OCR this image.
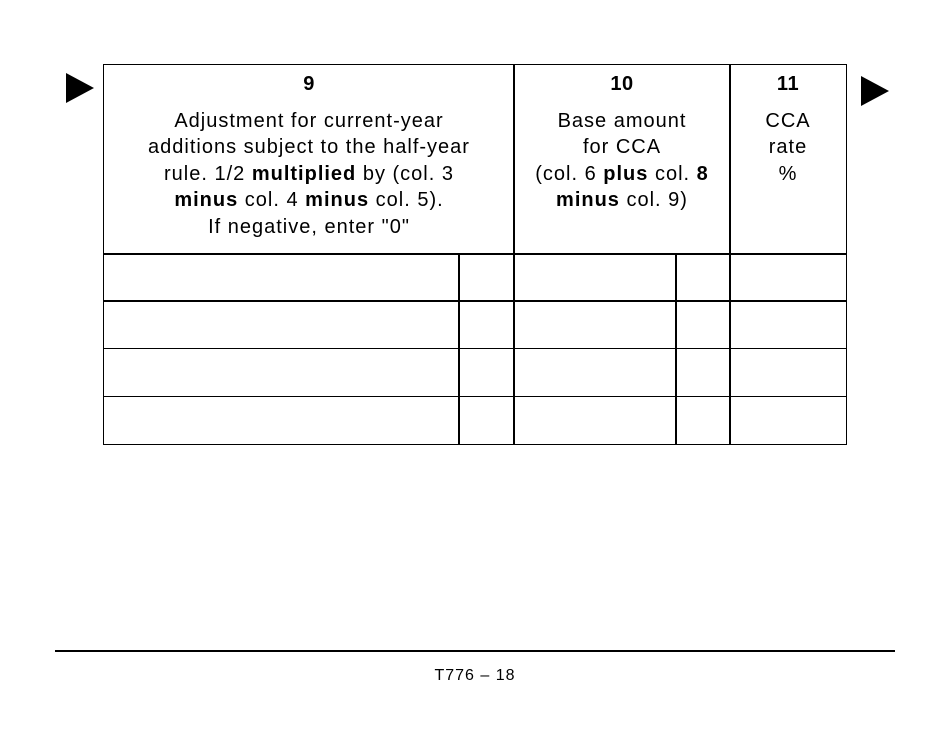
9
Adjustment for current-year
additions subject to the half-year
rule. 1/2 multiplied by (col. 3
minus col. 4 minus col. 5).
If negative, enter "0"
10
Base amount
for CCA
(col. 6 plus col. 8
minus col. 9)
11
CCA
rate
%
T776 – 18
